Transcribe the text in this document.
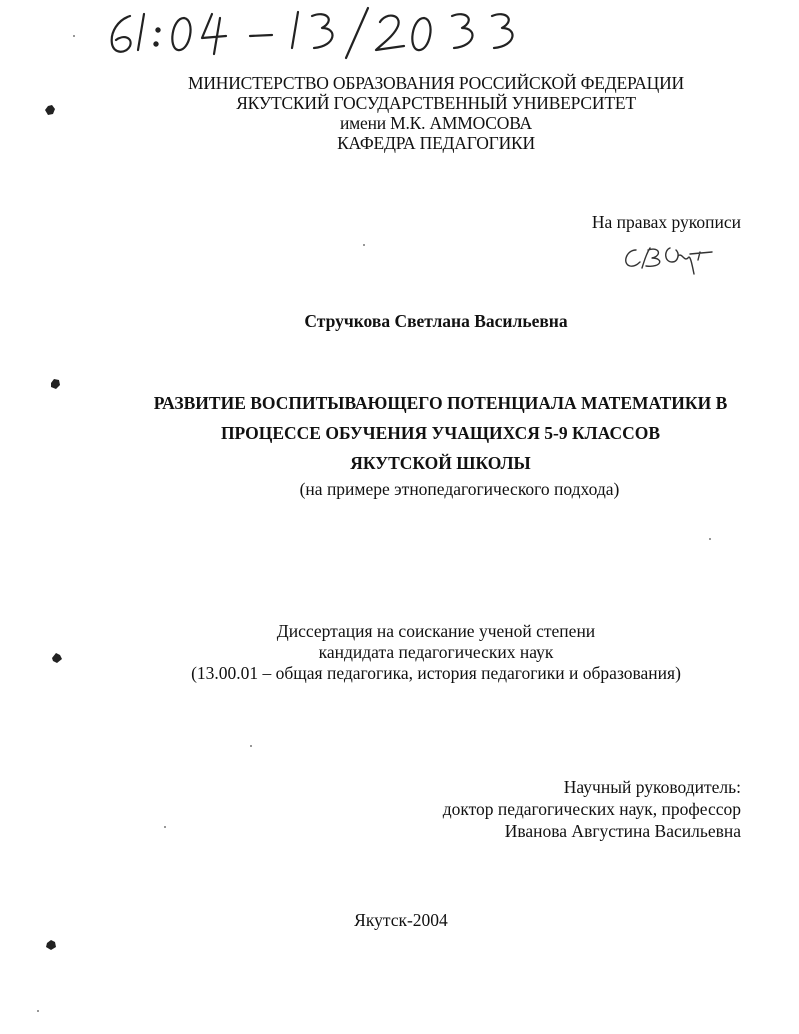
МИНИСТЕРСТВО ОБРАЗОВАНИЯ РОССИЙСКОЙ ФЕДЕРАЦИИ
ЯКУТСКИЙ ГОСУДАРСТВЕННЫЙ УНИВЕРСИТЕТ
имени М.К. АММОСОВА
КАФЕДРА ПЕДАГОГИКИ
На правах рукописи
Стручкова Светлана Васильевна
РАЗВИТИЕ ВОСПИТЫВАЮЩЕГО ПОТЕНЦИАЛА МАТЕМАТИКИ В
ПРОЦЕССЕ ОБУЧЕНИЯ УЧАЩИХСЯ 5-9 КЛАССОВ
ЯКУТСКОЙ ШКОЛЫ
(на примере этнопедагогического подхода)
Диссертация на соискание ученой степени
кандидата педагогических наук
(13.00.01 – общая педагогика, история педагогики и образования)
Научный руководитель:
доктор педагогических наук, профессор
Иванова Августина Васильевна
Якутск-2004
